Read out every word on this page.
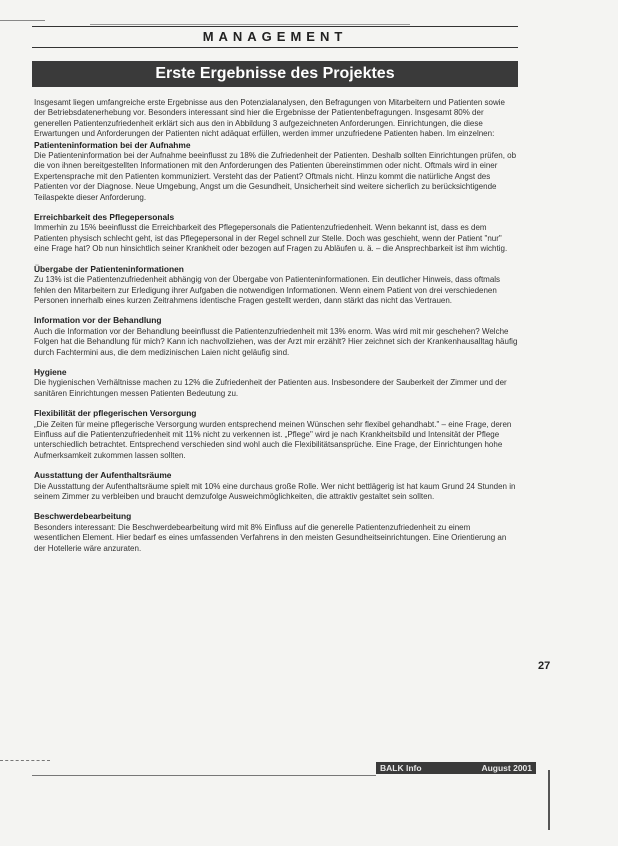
MANAGEMENT
Erste Ergebnisse des Projektes

Insgesamt liegen umfangreiche erste Ergebnisse aus den Potenzialanalysen, den Befragungen von Mitarbeitern und Patienten sowie der Betriebsdatenerhebung vor. Besonders interessant sind hier die Ergebnisse der Patientenbefragungen. Insgesamt 80% der generellen Patientenzufriedenheit erklärt sich aus den in Abbildung 3 aufgezeichneten Anforderungen. Einrichtungen, die diese Erwartungen und Anforderungen der Patienten nicht adäquat erfüllen, werden immer unzufriedene Patienten haben. Im einzelnen:

Patienteninformation bei der Aufnahme

Die Patienteninformation bei der Aufnahme beeinflusst zu 18% die Zufriedenheit der Patienten. Deshalb sollten Einrichtungen prüfen, ob die von ihnen bereitgestellten Informationen mit den Anforderungen des Patienten übereinstimmen oder nicht. Oftmals wird in einer Expertensprache mit den Patienten kommuniziert. Versteht das der Patient? Oftmals nicht. Hinzu kommt die natürliche Angst des Patienten vor der Diagnose. Neue Umgebung, Angst um die Gesundheit, Unsicherheit sind weitere sicherlich zu berücksichtigende Teilaspekte dieser Anforderung.

Erreichbarkeit des Pflegepersonals

Immerhin zu 15% beeinflusst die Erreichbarkeit des Pflegepersonals die Patientenzufriedenheit. Wenn bekannt ist, dass es dem Patienten physisch schlecht geht, ist das Pflegepersonal in der Regel schnell zur Stelle. Doch was geschieht, wenn der Patient "nur" eine Frage hat? Ob nun hinsichtlich seiner Krankheit oder bezogen auf Fragen zu Abläufen u. ä. – die Ansprechbarkeit ist ihm wichtig.

Übergabe der Patienteninformationen

Zu 13% ist die Patientenzufriedenheit abhängig von der Übergabe von Patienteninformationen. Ein deutlicher Hinweis, dass oftmals fehlen den Mitarbeitern zur Erledigung ihrer Aufgaben die notwendigen Informationen. Wenn einem Patient von drei verschiedenen Personen innerhalb eines kurzen Zeitrahmens identische Fragen gestellt werden, dann stärkt das nicht das Vertrauen.

Information vor der Behandlung

Auch die Information vor der Behandlung beeinflusst die Patientenzufriedenheit mit 13% enorm. Was wird mit mir geschehen? Welche Folgen hat die Behandlung für mich? Kann ich nachvollziehen, was der Arzt mir erzählt? Hier zeichnet sich der Krankenhausalltag häufig durch Fachtermini aus, die dem medizinischen Laien nicht geläufig sind.

Hygiene

Die hygienischen Verhältnisse machen zu 12% die Zufriedenheit der Patienten aus. Insbesondere der Sauberkeit der Zimmer und der sanitären Einrichtungen messen Patienten Bedeutung zu.

Flexibilität der pflegerischen Versorgung

„Die Zeiten für meine pflegerische Versorgung wurden entsprechend meinen Wünschen sehr flexibel gehandhabt." – eine Frage, deren Einfluss auf die Patientenzufriedenheit mit 11% nicht zu verkennen ist. „Pflege" wird je nach Krankheitsbild und Intensität der Pflege unterschiedlich betrachtet. Entsprechend verschieden sind wohl auch die Flexibilitätsansprüche. Eine Frage, der Einrichtungen hohe Aufmerksamkeit zukommen lassen sollten.

Ausstattung der Aufenthaltsräume

Die Ausstattung der Aufenthaltsräume spielt mit 10% eine durchaus große Rolle. Wer nicht bettlägerig ist hat kaum Grund 24 Stunden in seinem Zimmer zu verbleiben und braucht demzufolge Ausweichmöglichkeiten, die attraktiv gestaltet sein sollten.

Beschwerdebearbeitung

Besonders interessant: Die Beschwerdebearbeitung wird mit 8% Einfluss auf die generelle Patientenzufriedenheit zu einem wesentlichen Element. Hier bedarf es eines umfassenden Verfahrens in den meisten Gesundheitseinrichtungen. Eine Orientierung an der Hotellerie wäre anzuraten.

27
BALK Info	August 2001
